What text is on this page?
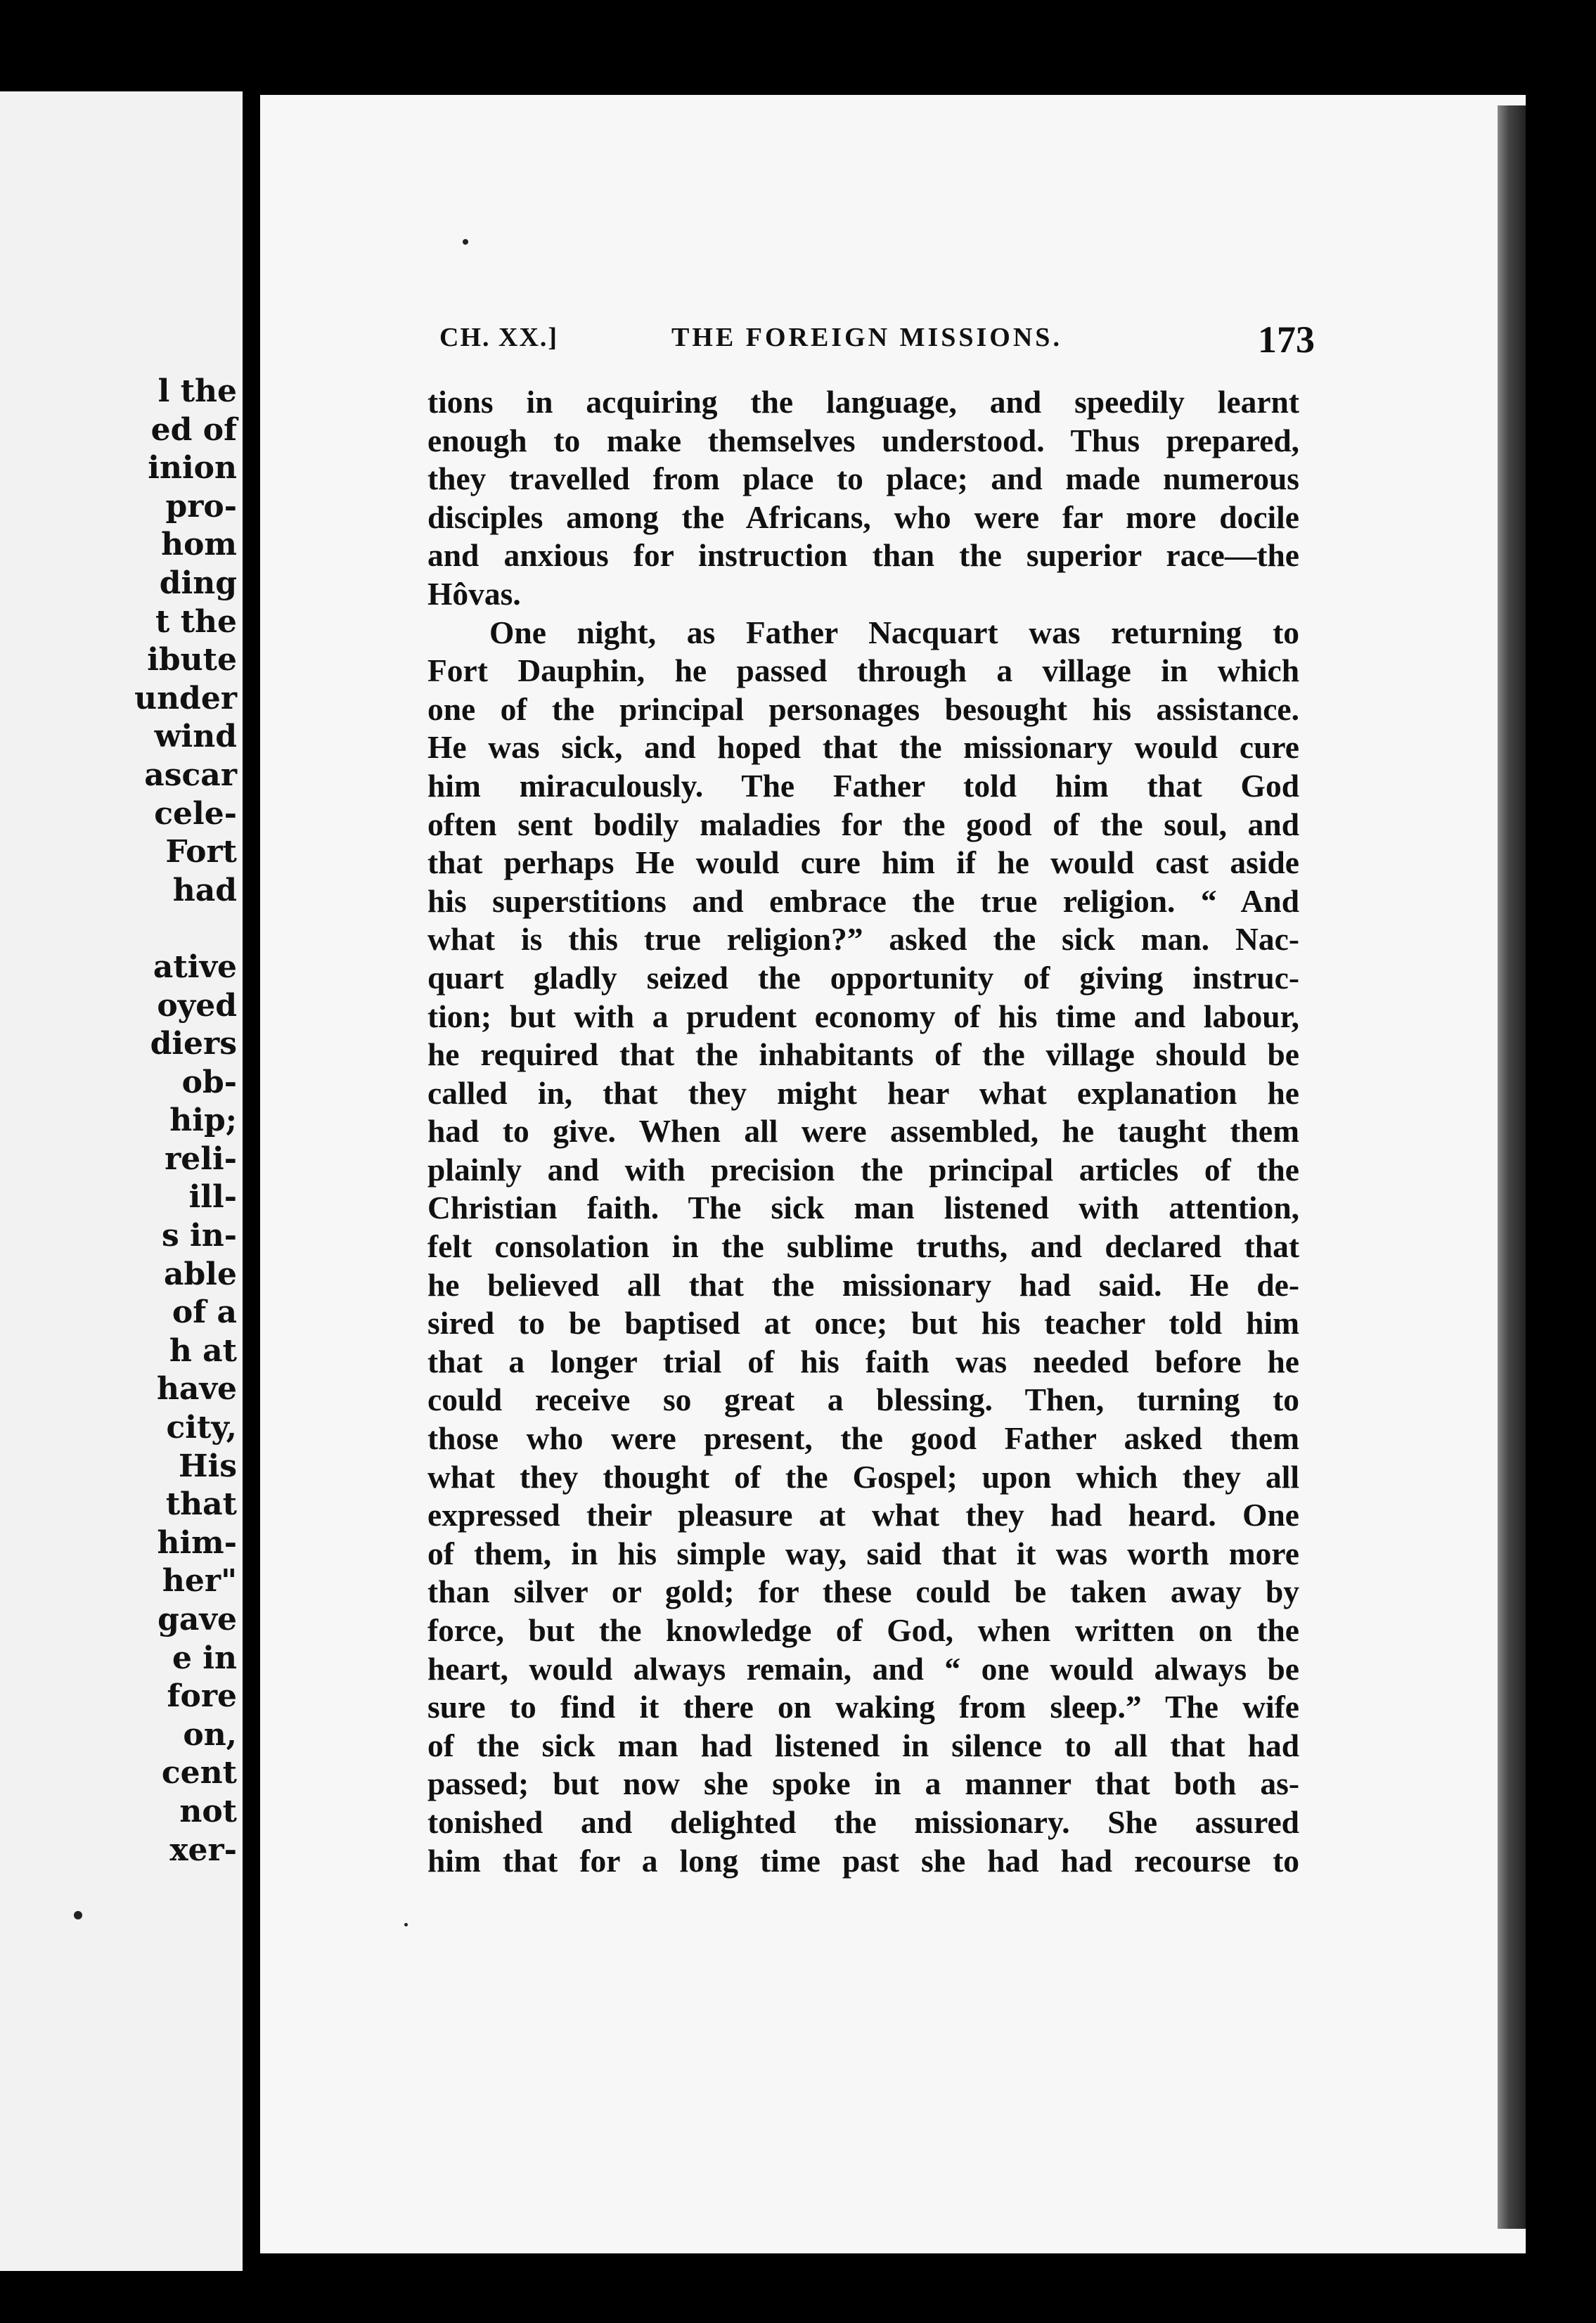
l the
ed of
inion
pro-
hom
ding
t the
ibute
under
wind
ascar
cele-
Fort
had
ative
oyed
diers
ob-
hip;
reli-
ill-
s in-
able
of a
h at
have
city,
His
that
him-
her"
gave
e in
fore
on,
cent
not
xer-
CH. XX.]	THE FOREIGN MISSIONS.	173
tions in acquiring the language, and speedily learnt
enough to make themselves understood. Thus prepared,
they travelled from place to place; and made numerous
disciples among the Africans, who were far more docile
and anxious for instruction than the superior race—the
Hôvas.
One night, as Father Nacquart was returning to
Fort Dauphin, he passed through a village in which
one of the principal personages besought his assistance.
He was sick, and hoped that the missionary would cure
him miraculously. The Father told him that God
often sent bodily maladies for the good of the soul, and
that perhaps He would cure him if he would cast aside
his superstitions and embrace the true religion. “ And
what is this true religion?” asked the sick man. Nac-
quart gladly seized the opportunity of giving instruc-
tion; but with a prudent economy of his time and labour,
he required that the inhabitants of the village should be
called in, that they might hear what explanation he
had to give. When all were assembled, he taught them
plainly and with precision the principal articles of the
Christian faith. The sick man listened with attention,
felt consolation in the sublime truths, and declared that
he believed all that the missionary had said. He de-
sired to be baptised at once; but his teacher told him
that a longer trial of his faith was needed before he
could receive so great a blessing. Then, turning to
those who were present, the good Father asked them
what they thought of the Gospel; upon which they all
expressed their pleasure at what they had heard. One
of them, in his simple way, said that it was worth more
than silver or gold; for these could be taken away by
force, but the knowledge of God, when written on the
heart, would always remain, and “ one would always be
sure to find it there on waking from sleep.” The wife
of the sick man had listened in silence to all that had
passed; but now she spoke in a manner that both as-
tonished and delighted the missionary. She assured
him that for a long time past she had had recourse to
